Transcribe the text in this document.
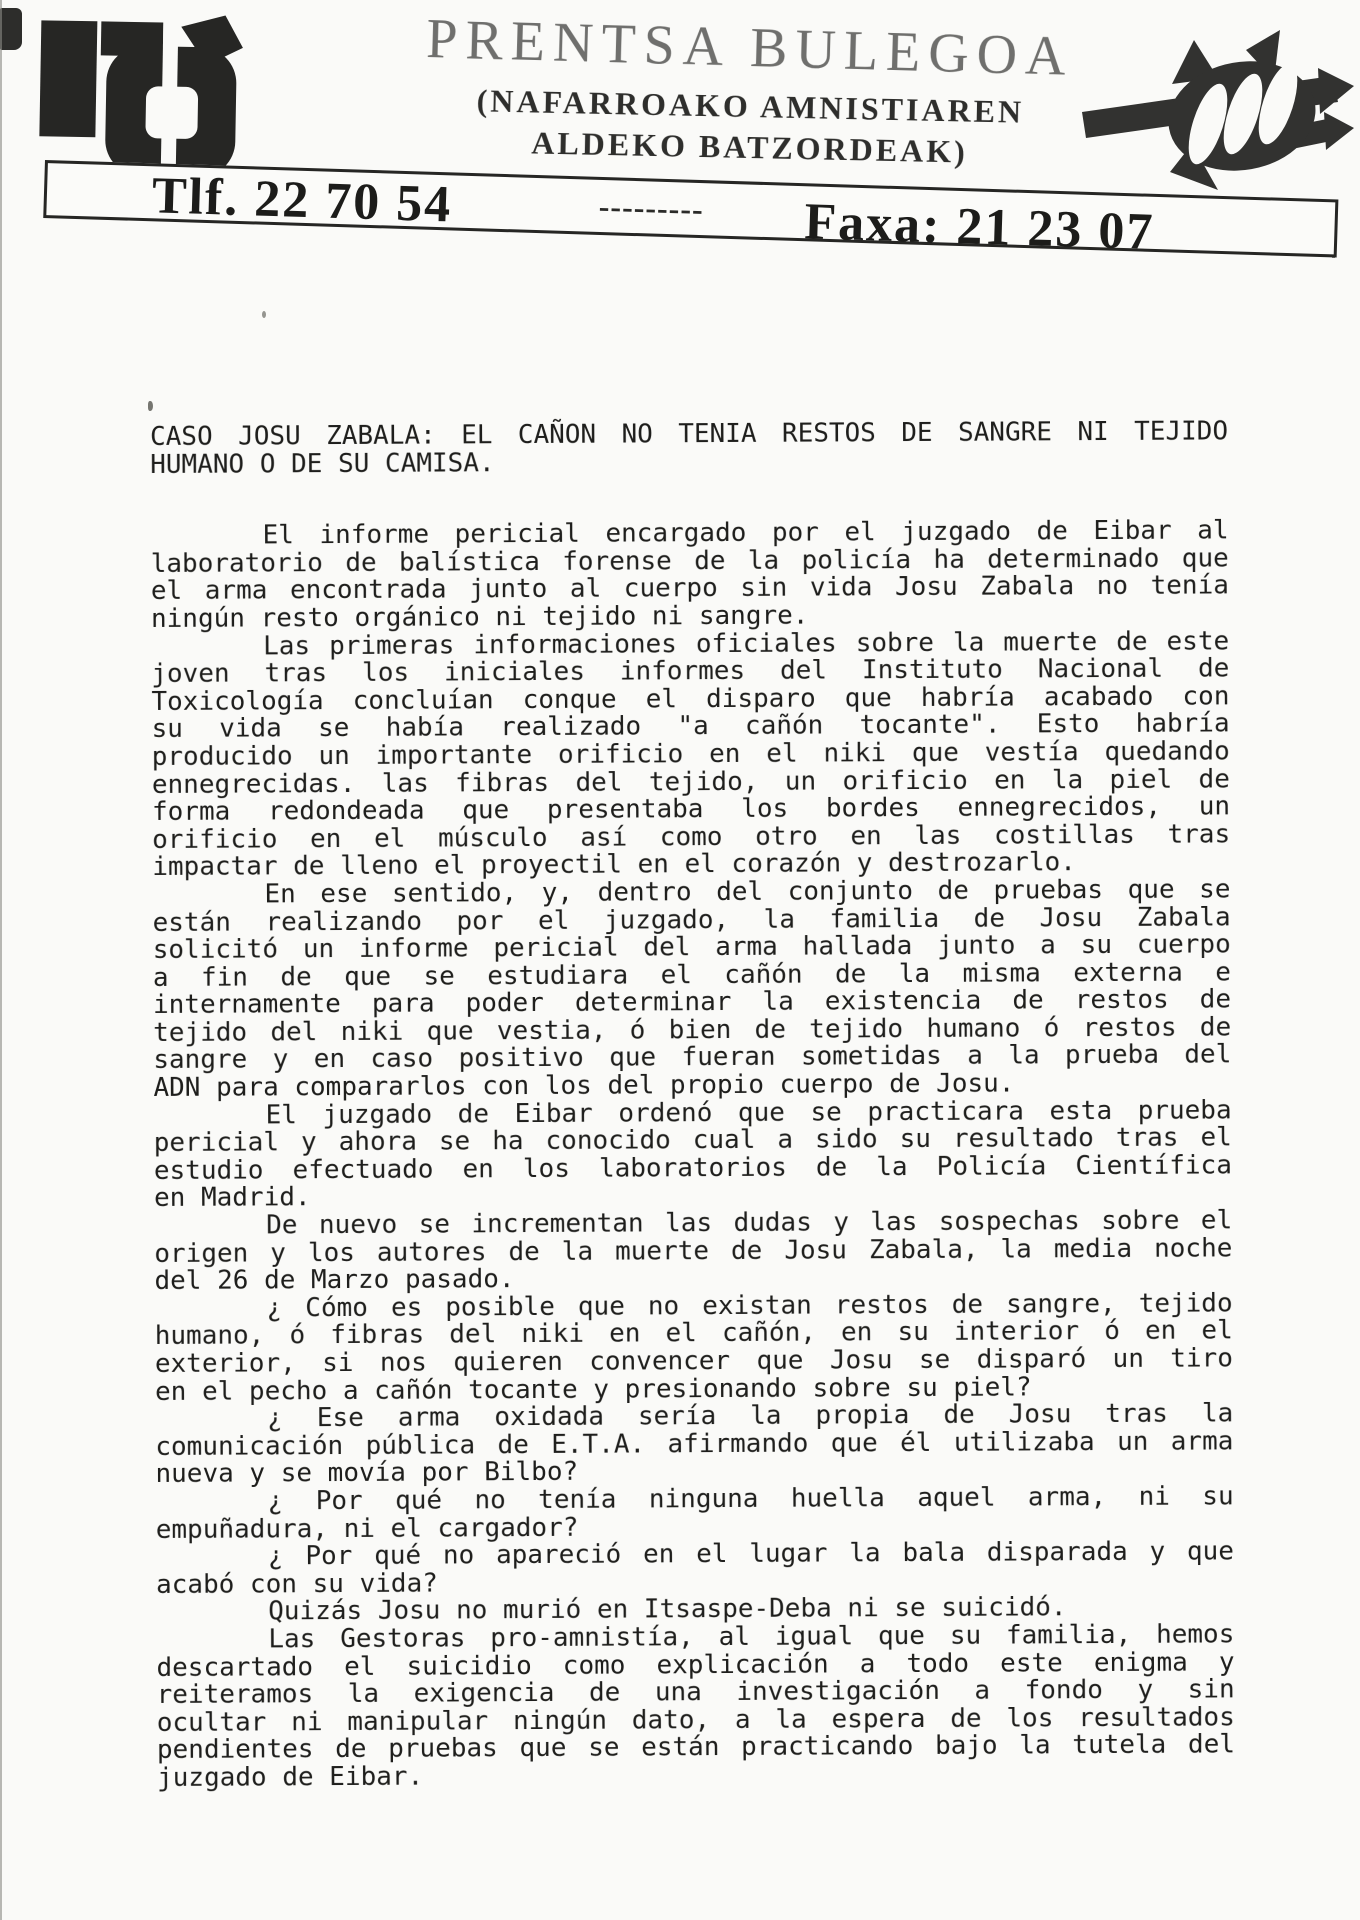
PRENTSA BULEGOA
(NAFARROAKO AMNISTIAREN
ALDEKO BATZORDEAK)
Tlf. 22 70 54	--------- Faxa: 21 23 07
CASO JOSU ZABALA: EL CAÑON NO TENIA RESTOS DE SANGRE NI TEJIDO
HUMANO O DE SU CAMISA.
El informe pericial encargado por el juzgado de Eibar al
laboratorio de balística forense de la policía ha determinado que
el arma encontrada junto al cuerpo sin vida Josu Zabala no tenía
ningún resto orgánico ni tejido ni sangre.
Las primeras informaciones oficiales sobre la muerte de este
joven tras los iniciales informes del Instituto Nacional de
Toxicología concluían conque el disparo que habría acabado con
su vida se había realizado "a cañón tocante". Esto habría
producido un importante orificio en el niki que vestía quedando
ennegrecidas. las fibras del tejido, un orificio en la piel de
forma redondeada que presentaba los bordes ennegrecidos, un
orificio en el músculo así como otro en las costillas tras
impactar de lleno el proyectil en el corazón y destrozarlo.
En ese sentido, y, dentro del conjunto de pruebas que se
están realizando por el juzgado, la familia de Josu Zabala
solicitó un informe pericial del arma hallada junto a su cuerpo
a fin de que se estudiara el cañón de la misma externa e
internamente para poder determinar la existencia de restos de
tejido del niki que vestia, ó bien de tejido humano ó restos de
sangre y en caso positivo que fueran sometidas a la prueba del
ADN para compararlos con los del propio cuerpo de Josu.
El juzgado de Eibar ordenó que se practicara esta prueba
pericial y ahora se ha conocido cual a sido su resultado tras el
estudio efectuado en los laboratorios de la Policía Científica
en Madrid.
De nuevo se incrementan las dudas y las sospechas sobre el
origen y los autores de la muerte de Josu Zabala, la media noche
del 26 de Marzo pasado.
¿ Cómo es posible que no existan restos de sangre, tejido
humano, ó fibras del niki en el cañón, en su interior ó en el
exterior, si nos quieren convencer que Josu se disparó un tiro
en el pecho a cañón tocante y presionando sobre su piel?
¿ Ese arma oxidada sería la propia de Josu tras la
comunicación pública de E.T.A. afirmando que él utilizaba un arma
nueva y se movía por Bilbo?
¿ Por qué no tenía ninguna huella aquel arma, ni su
empuñadura, ni el cargador?
¿ Por qué no apareció en el lugar la bala disparada y que
acabó con su vida?
Quizás Josu no murió en Itsaspe-Deba ni se suicidó.
Las Gestoras pro-amnistía, al igual que su familia, hemos
descartado el suicidio como explicación a todo este enigma y
reiteramos la exigencia de una investigación a fondo y sin
ocultar ni manipular ningún dato, a la espera de los resultados
pendientes de pruebas que se están practicando bajo la tutela del
juzgado de Eibar.
